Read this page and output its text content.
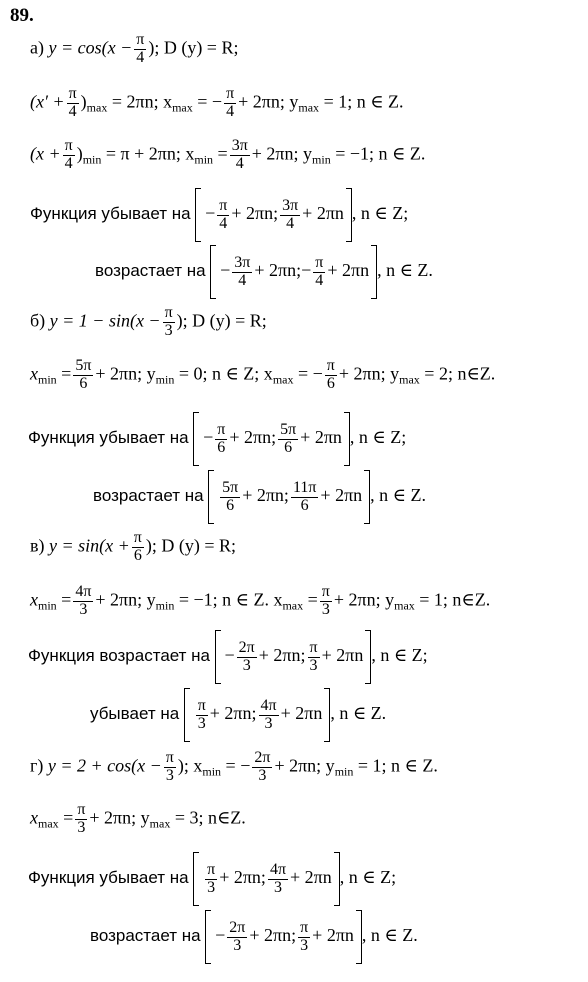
89.
а) $y = \cos(x - \frac{\pi}{4}$ ); D (y) = R;
$(x' + \frac{\pi}{4} )_{max} = 2\pi n$; $x_{max}$ = − $\frac{\pi}{4} + 2\pi n$; $y_{max} = 1$; n ∈ Z.
$(x + \frac{\pi}{4} )_{min} = \pi + 2\pi n$; $x_{min} = \frac{3\pi}{4} + 2\pi n$; $y_{min} = -1$; n ∈ Z.
Функция убывает на − $\frac{\pi}{4} + 2\pi n$; $\frac{3\pi}{4} + 2\pi n$ , n ∈ Z;
возрастает на − $\frac{3\pi}{4}$ + 2πn;− $\frac{\pi}{4} + 2\pi n$ , n ∈ Z.
б) $y = 1 - \sin(x - \frac{\pi}{3}$ ); D (y) = R;
$x_{min} = \frac{5\pi}{6} + 2\pi n$; $y_{min} = 0$; n ∈ Z; $x_{max}$ = − $\frac{\pi}{6} + 2\pi n$; $y_{max} = 2$; n∈Z.
Функция убывает на − $\frac{\pi}{6} + 2\pi n$; $\frac{5\pi}{6} + 2\pi n$ , n ∈ Z;
возрастает на $\frac{5\pi}{6} + 2\pi n$; $\frac{11\pi}{6} + 2\pi n$ , n ∈ Z.
в) $y = \sin(x + \frac{\pi}{6}$ ); D (y) = R;
$x_{min} = \frac{4\pi}{3} + 2\pi n$; $y_{min} = -1$; n ∈ Z. $x_{max} = \frac{\pi}{3} + 2\pi n$; $y_{max} = 1$; n∈Z.
Функция возрастает на − $\frac{2\pi}{3} + 2\pi n$; $\frac{\pi}{3} + 2\pi n$ , n ∈ Z;
убывает на $\frac{\pi}{3} + 2\pi n$; $\frac{4\pi}{3} + 2\pi n$ , n ∈ Z.
г) $y = 2 + \cos(x - \frac{\pi}{3}$ ); $x_{min}$ = − $\frac{2\pi}{3} + 2\pi n$; $y_{min} = 1$; n ∈ Z.
$x_{max} = \frac{\pi}{3} + 2\pi n$; $y_{max} = 3$; n∈Z.
Функция убывает на $\frac{\pi}{3} + 2\pi n$; $\frac{4\pi}{3} + 2\pi n$ , n ∈ Z;
возрастает на − $\frac{2\pi}{3} + 2\pi n$; $\frac{\pi}{3} + 2\pi n$ , n ∈ Z.
